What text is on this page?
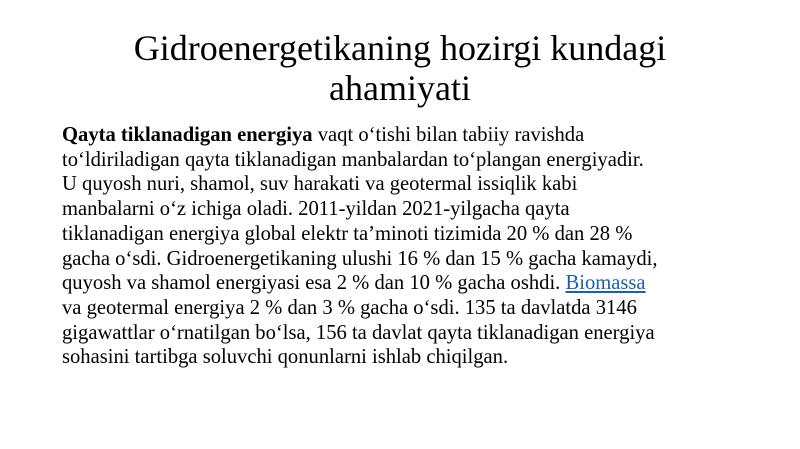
Gidroenergetikaning hozirgi kundagi
ahamiyati

Qayta tiklanadigan energiya vaqt o‘tishi bilan tabiiy ravishda
to‘ldiriladigan qayta tiklanadigan manbalardan to‘plangan energiyadir.
U quyosh nuri, shamol, suv harakati va geotermal issiqlik kabi
manbalarni o‘z ichiga oladi. 2011-yildan 2021-yilgacha qayta
tiklanadigan energiya global elektr ta’minoti tizimida 20 % dan 28 %
gacha o‘sdi. Gidroenergetikaning ulushi 16 % dan 15 % gacha kamaydi,
quyosh va shamol energiyasi esa 2 % dan 10 % gacha oshdi. Biomassa
va geotermal energiya 2 % dan 3 % gacha o‘sdi. 135 ta davlatda 3146
gigawattlar o‘rnatilgan bo‘lsa, 156 ta davlat qayta tiklanadigan energiya
sohasini tartibga soluvchi qonunlarni ishlab chiqilgan.
